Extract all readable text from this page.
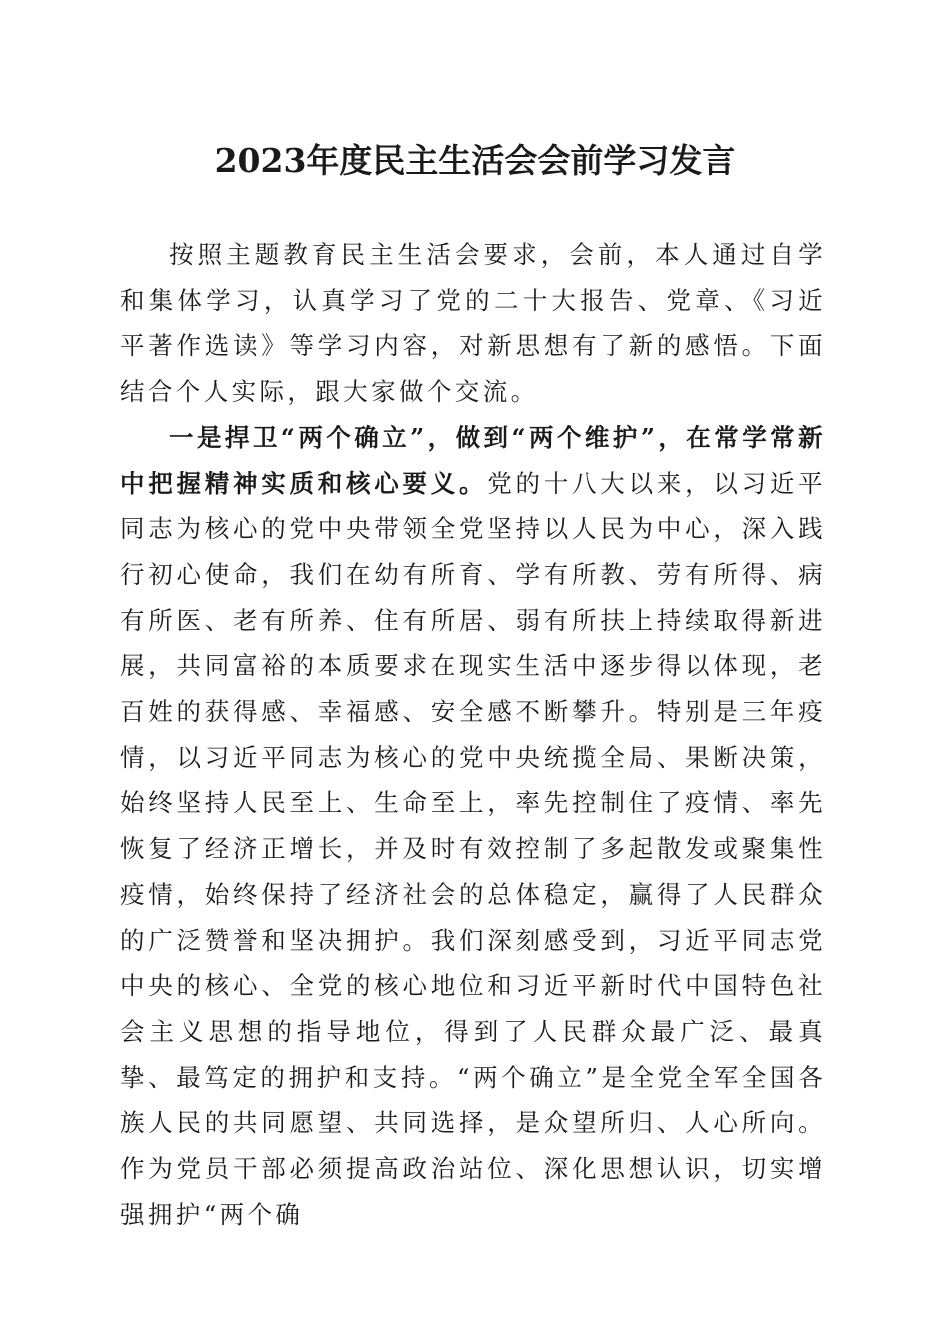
2023年度民主生活会会前学习发言

按照主题教育民主生活会要求，会前，本人通过自学和集体学习，认真学习了党的二十大报告、党章、《习近平著作选读》等学习内容，对新思想有了新的感悟。下面结合个人实际，跟大家做个交流。

一是捍卫“两个确立”，做到“两个维护”，在常学常新中把握精神实质和核心要义。党的十八大以来，以习近平同志为核心的党中央带领全党坚持以人民为中心，深入践行初心使命，我们在幼有所育、学有所教、劳有所得、病有所医、老有所养、住有所居、弱有所扶上持续取得新进展，共同富裕的本质要求在现实生活中逐步得以体现，老百姓的获得感、幸福感、安全感不断攀升。特别是三年疫情，以习近平同志为核心的党中央统揽全局、果断决策，始终坚持人民至上、生命至上，率先控制住了疫情、率先恢复了经济正增长，并及时有效控制了多起散发或聚集性疫情，始终保持了经济社会的总体稳定，赢得了人民群众的广泛赞誉和坚决拥护。我们深刻感受到，习近平同志党中央的核心、全党的核心地位和习近平新时代中国特色社会主义思想的指导地位，得到了人民群众最广泛、最真挚、最笃定的拥护和支持。“两个确立”是全党全军全国各族人民的共同愿望、共同选择，是众望所归、人心所向。作为党员干部必须提高政治站位、深化思想认识，切实增强拥护“两个确
